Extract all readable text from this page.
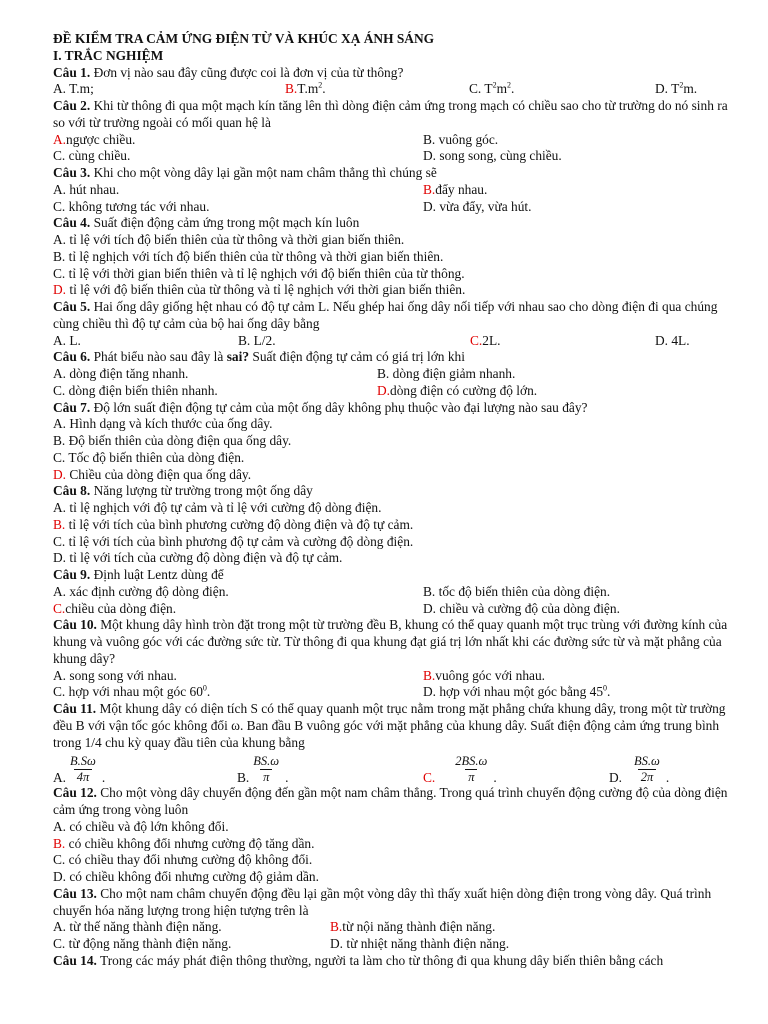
ĐỀ KIỂM TRA CẢM ỨNG ĐIỆN TỪ VÀ KHÚC XẠ ÁNH SÁNG
I. TRẮC NGHIỆM
Câu 1. Đơn vị nào sau đây cũng được coi là đơn vị của từ thông?
A. T.m;	$B.T.m^2$.	C. $T^2m^2$.	D. $T^2m$.
Câu 2. Khi từ thông đi qua một mạch kín tăng lên thì dòng điện cảm ứng trong mạch có chiều sao cho từ trường do nó sinh ra so với từ trường ngoài có mối quan hệ là
A.ngược chiều.	B. vuông góc.
C. cùng chiều.	D. song song, cùng chiều.
Câu 3. Khi cho một vòng dây lại gần một nam châm thẳng thì chúng sẽ
A. hút nhau.	B.đẩy nhau.
C. không tương tác với nhau.	D. vừa đẩy, vừa hút.
Câu 4. Suất điện động cảm ứng trong một mạch kín luôn
A. tỉ lệ với tích độ biến thiên của từ thông và thời gian biến thiên.
B. tỉ lệ nghịch với tích độ biến thiên của từ thông và thời gian biến thiên.
C. tỉ lệ với thời gian biến thiên và tỉ lệ nghịch với độ biến thiên của từ thông.
D. tỉ lệ với độ biến thiên của từ thông và tỉ lệ nghịch với thời gian biến thiên.
Câu 5. Hai ống dây giống hệt nhau có độ tự cảm L. Nếu ghép hai ống dây nối tiếp với nhau sao cho dòng điện đi qua chúng cùng chiều thì độ tự cảm của bộ hai ống dây bằng
A. L.	B. L/2.	C.2L.	D. 4L.
Câu 6. Phát biểu nào sau đây là sai? Suất điện động tự cảm có giá trị lớn khi
A. dòng điện tăng nhanh.	B. dòng điện giảm nhanh.
C. dòng điện biến thiên nhanh.	D.dòng điện có cường độ lớn.
Câu 7. Độ lớn suất điện động tự cảm của một ống dây không phụ thuộc vào đại lượng nào sau đây?
A. Hình dạng và kích thước của ống dây.
B. Độ biến thiên của dòng điện qua ống dây.
C. Tốc độ biến thiên của dòng điện.
D. Chiều của dòng điện qua ống dây.
Câu 8. Năng lượng từ trường trong một ống dây
A. tỉ lệ nghịch với độ tự cảm và tỉ lệ với cường độ dòng điện.
B. tỉ lệ với tích của bình phương cường độ dòng điện và độ tự cảm.
C. tỉ lệ với tích của bình phương độ tự cảm và cường độ dòng điện.
D. tỉ lệ với tích của cường độ dòng điện và độ tự cảm.
Câu 9. Định luật Lentz dùng để
A. xác định cường độ dòng điện.	B. tốc độ biến thiên của dòng điện.
C.chiều của dòng điện.	D. chiều và cường độ của dòng điện.
Câu 10. Một khung dây hình tròn đặt trong một từ trường đều B, khung có thể quay quanh một trục trùng với đường kính của khung và vuông góc với các đường sức từ. Từ thông đi qua khung đạt giá trị lớn nhất khi các đường sức từ và mặt phẳng của khung dây?
A. song song với nhau.	B.vuông góc với nhau.
C. hợp với nhau một góc $60^0$.	D. hợp với nhau một góc bằng $45^0$.
Câu 11. Một khung dây có diện tích S có thể quay quanh một trục nằm trong mặt phẳng chứa khung dây, trong một từ trường đều B với vận tốc góc không đổi ω. Ban đầu B vuông góc với mặt phẳng của khung dây. Suất điện động cảm ứng trung bình trong 1/4 chu kỳ quay đầu tiên của khung bằng
A. $\frac{B.S\omega}{4\pi}$ .	B. $\frac{BS.\omega}{\pi}$ .	C. $\frac{2BS.\omega}{\pi}$ .	D. $\frac{BS.\omega}{2\pi}$ .
Câu 12. Cho một vòng dây chuyển động đến gần một nam châm thẳng. Trong quá trình chuyển động cường độ của dòng điện cảm ứng trong vòng luôn
A. có chiều và độ lớn không đổi.
B. có chiều không đổi nhưng cường độ tăng dần.
C. có chiều thay đổi nhưng cường độ không đổi.
D. có chiều không đổi nhưng cường độ giảm dần.
Câu 13. Cho một nam châm chuyển động đều lại gần một vòng dây thì thấy xuất hiện dòng điện trong vòng dây. Quá trình chuyển hóa năng lượng trong hiện tượng trên là
A. từ thế năng thành điện năng.	B.từ nội năng thành điện năng.
C. từ động năng thành điện năng.	D. từ nhiệt năng thành điện năng.
Câu 14. Trong các máy phát điện thông thường, người ta làm cho từ thông đi qua khung dây biến thiên bằng cách
